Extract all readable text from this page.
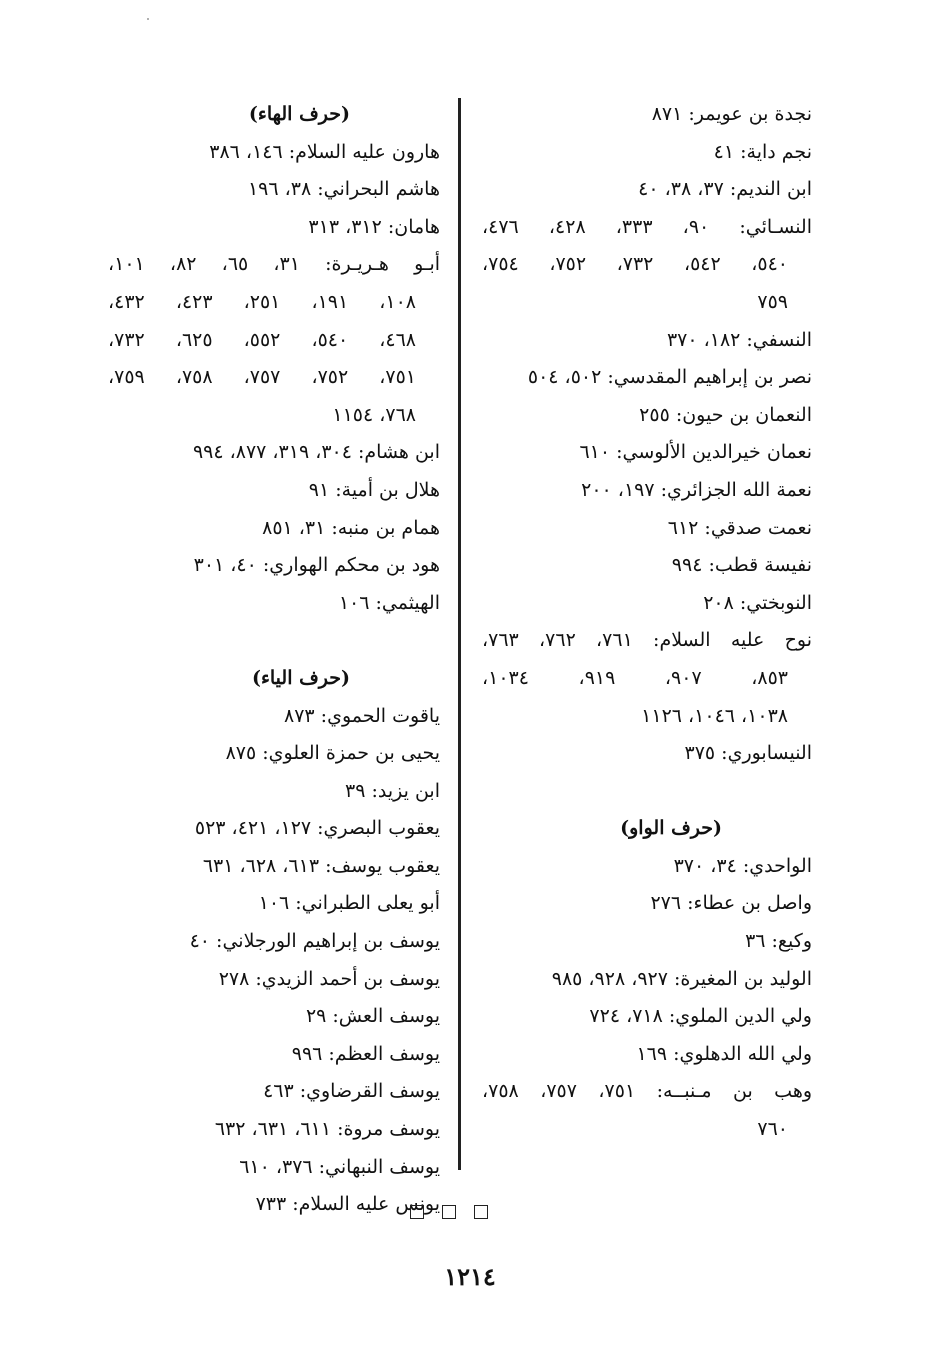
نجدة بن عويمر: ٨٧١
نجم داية: ٤١
ابن النديم: ٣٧، ٣٨، ٤٠
النسـائي: ٩٠، ٣٣٣، ٤٢٨، ٤٧٦،
٥٤٠، ٥٤٢، ٧٣٢، ٧٥٢، ٧٥٤،
٧٥٩
النسفي: ١٨٢، ٣٧٠
نصر بن إبراهيم المقدسي: ٥٠٢، ٥٠٤
النعمان بن حيون: ٢٥٥
نعمان خيرالدين الألوسي: ٦١٠
نعمة الله الجزائري: ١٩٧، ٢٠٠
نعمت صدقي: ٦١٢
نفيسة قطب: ٩٩٤
النوبختي: ٢٠٨
نوح عليه السلام: ٧٦١، ٧٦٢، ٧٦٣،
٨٥٣، ٩٠٧، ٩١٩، ١٠٣٤،
١٠٣٨، ١٠٤٦، ١١٢٦
النيسابوري: ٣٧٥
(حرف الواو)
الواحدي: ٣٤، ٣٧٠
واصل بن عطاء: ٢٧٦
وكيع: ٣٦
الوليد بن المغيرة: ٩٢٧، ٩٢٨، ٩٨٥
ولي الدين الملوي: ٧١٨، ٧٢٤
ولي الله الدهلوي: ١٦٩
وهب بن مـنبــه: ٧٥١، ٧٥٧، ٧٥٨،
٧٦٠
(حرف الهاء)
هارون عليه السلام: ١٤٦، ٣٨٦
هاشم البحراني: ٣٨، ١٩٦
هامان: ٣١٢، ٣١٣
أبـو هـريـرة: ٣١، ٦٥، ٨٢، ١٠١،
١٠٨، ١٩١، ٢٥١، ٤٢٣، ٤٣٢،
٤٦٨، ٥٤٠، ٥٥٢، ٦٢٥، ٧٣٢،
٧٥١، ٧٥٢، ٧٥٧، ٧٥٨، ٧٥٩،
٧٦٨، ١١٥٤
ابن هشام: ٣٠٤، ٣١٩، ٨٧٧، ٩٩٤
هلال بن أمية: ٩١
همام بن منبه: ٣١، ٨٥١
هود بن محكم الهواري: ٤٠، ٣٠١
الهيثمي: ١٠٦
(حرف الياء)
ياقوت الحموي: ٨٧٣
يحيى بن حمزة العلوي: ٨٧٥
ابن يزيد: ٣٩
يعقوب البصري: ١٢٧، ٤٢١، ٥٢٣
يعقوب يوسف: ٦١٣، ٦٢٨، ٦٣١
أبو يعلى الطبراني: ١٠٦
يوسف بن إبراهيم الورجلاني: ٤٠
يوسف بن أحمد الزيدي: ٢٧٨
يوسف العش: ٢٩
يوسف العظم: ٩٩٦
يوسف القرضاوي: ٤٦٣
يوسف مروة: ٦١١، ٦٣١، ٦٣٢
يوسف النبهاني: ٣٧٦، ٦١٠
يونس عليه السلام: ٧٣٣
١٢١٤
